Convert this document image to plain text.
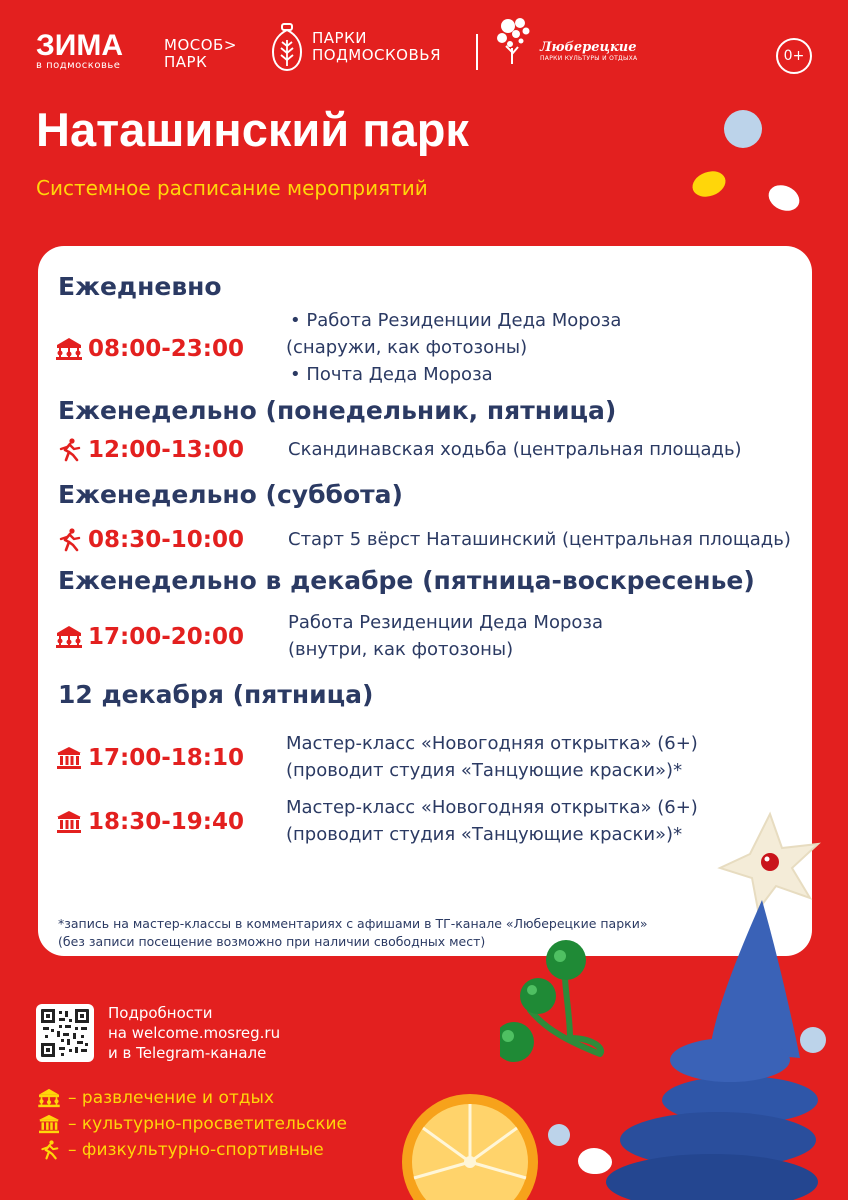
ЗИМА
в подмосковье
МОСОБ>
ПАРК
ПАРКИ
ПОДМОСКОВЬЯ	Люберецкие
ПАРКИ КУЛЬТУРЫ И ОТДЫХА	0+
Наташинский парк
Системное расписание мероприятий
Ежедневно
08:00-23:00

• Работа Резиденции Деда Мороза

(снаружи, как фотозоны)

• Почта Деда Мороза

Еженедельно (понедельник, пятница)
12:00-13:00 Скандинавская ходьба (центральная площадь)

Еженедельно (суббота)
08:30-10:00 Старт 5 вёрст Наташинский (центральная площадь)

Еженедельно в декабре (пятница-воскресенье)
17:00-20:00

Работа Резиденции Деда Мороза

(внутри, как фотозоны)

12 декабря (пятница)
17:00-18:10

Мастер-класс «Новогодняя открытка» (6+)

(проводит студия «Танцующие краски»)*

18:30-19:40

Мастер-класс «Новогодняя открытка» (6+)

(проводит студия «Танцующие краски»)*

*запись на мастер-классы в комментариях с афишами в ТГ-канале «Люберецкие парки»
(без записи посещение возможно при наличии свободных мест)
Подробности
на welcome.mosreg.ru
и в Telegram-канале
– развлечение и отдых
– культурно-просветительские
– физкультурно-спортивные
